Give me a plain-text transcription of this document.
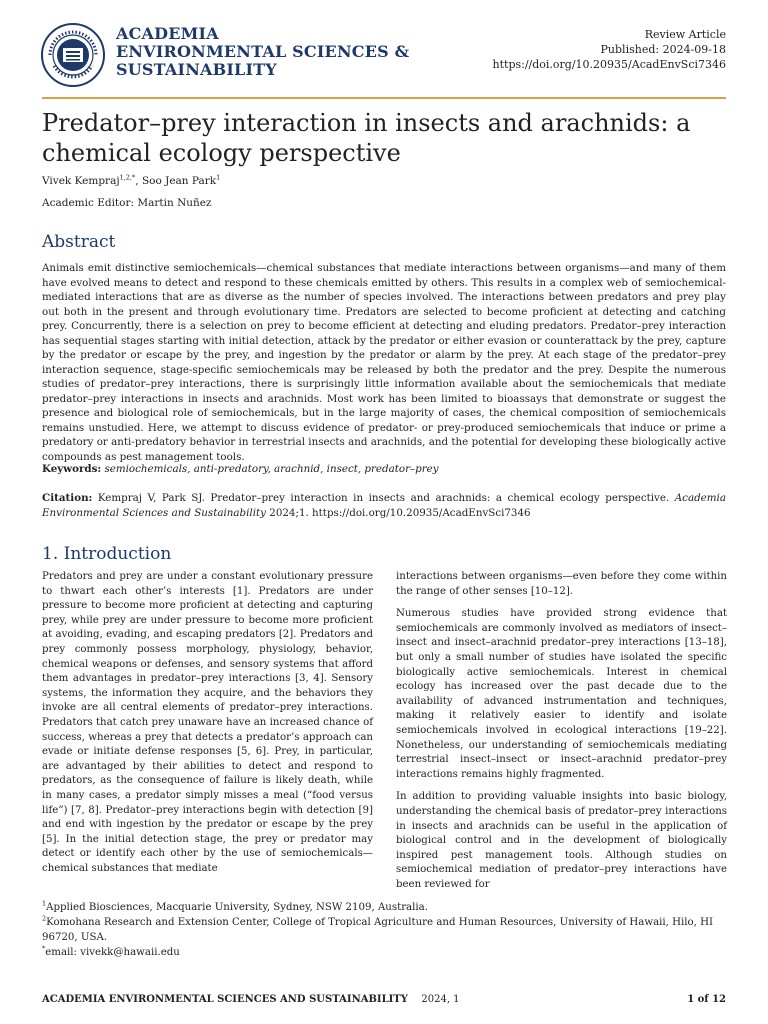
ACADEMIA
ENVIRONMENTAL SCIENCES &
SUSTAINABILITY
Review Article
Published: 2024-09-18
https://doi.org/10.20935/AcadEnvSci7346
Predator–prey interaction in insects and arachnids: a chemical ecology perspective
Vivek Kempraj$^{1,2,*}$, Soo Jean Park$^1$
Academic Editor: Martin Nuñez
Abstract
Animals emit distinctive semiochemicals—chemical substances that mediate interactions between organisms—and many of them have evolved means to detect and respond to these chemicals emitted by others. This results in a complex web of semiochemical-mediated interactions that are as diverse as the number of species involved. The interactions between predators and prey play out both in the present and through evolutionary time. Predators are selected to become proficient at detecting and catching prey. Concurrently, there is a selection on prey to become efficient at detecting and eluding predators. Predator–prey interaction has sequential stages starting with initial detection, attack by the predator or either evasion or counterattack by the prey, capture by the predator or escape by the prey, and ingestion by the predator or alarm by the prey. At each stage of the predator–prey interaction sequence, stage-specific semiochemicals may be released by both the predator and the prey. Despite the numerous studies of predator–prey interactions, there is surprisingly little information available about the semiochemicals that mediate predator–prey interactions in insects and arachnids. Most work has been limited to bioassays that demonstrate or suggest the presence and biological role of semiochemicals, but in the large majority of cases, the chemical composition of semiochemicals remains unstudied. Here, we attempt to discuss evidence of predator- or prey-produced semiochemicals that induce or prime a predatory or anti-predatory behavior in terrestrial insects and arachnids, and the potential for developing these biologically active compounds as pest management tools.
Keywords: semiochemicals, anti-predatory, arachnid, insect, predator–prey
Citation: Kempraj V, Park SJ. Predator–prey interaction in insects and arachnids: a chemical ecology perspective. Academia Environmental Sciences and Sustainability 2024;1. https://doi.org/10.20935/AcadEnvSci7346
1. Introduction

Predators and prey are under a constant evolutionary pressure to thwart each other’s interests [1]. Predators are under pressure to become more proficient at detecting and capturing prey, while prey are under pressure to become more proficient at avoiding, evading, and escaping predators [2]. Predators and prey commonly possess morphology, physiology, behavior, chemical weapons or defenses, and sensory systems that afford them advantages in predator–prey interactions [3, 4]. Sensory systems, the information they acquire, and the behaviors they invoke are all central elements of predator–prey interactions. Predators that catch prey unaware have an increased chance of success, whereas a prey that detects a predator’s approach can evade or initiate defense responses [5, 6]. Prey, in particular, are advantaged by their abilities to detect and respond to predators, as the consequence of failure is likely death, while in many cases, a predator simply misses a meal (“food versus life”) [7, 8]. Predator–prey interactions begin with detection [9] and end with ingestion by the predator or escape by the prey [5]. In the initial detection stage, the prey or predator may detect or identify each other by the use of semiochemicals—chemical substances that mediate

interactions between organisms—even before they come within the range of other senses [10–12].

Numerous studies have provided strong evidence that semiochemicals are commonly involved as mediators of insect–insect and insect–arachnid predator–prey interactions [13–18], but only a small number of studies have isolated the specific biologically active semiochemicals. Interest in chemical ecology has increased over the past decade due to the availability of advanced instrumentation and techniques, making it relatively easier to identify and isolate semiochemicals involved in ecological interactions [19–22]. Nonetheless, our understanding of semiochemicals mediating terrestrial insect–insect or insect–arachnid predator–prey interactions remains highly fragmented.

In addition to providing valuable insights into basic biology, understanding the chemical basis of predator–prey interactions in insects and arachnids can be useful in the application of biological control and in the development of biologically inspired pest management tools. Although studies on semiochemical mediation of predator–prey interactions have been reviewed for

$^1$Applied Biosciences, Macquarie University, Sydney, NSW 2109, Australia.
$^2$Komohana Research and Extension Center, College of Tropical Agriculture and Human Resources, University of Hawaii, Hilo, HI 96720, USA.
*email: vivekk@hawaii.edu
ACADEMIA ENVIRONMENTAL SCIENCES AND SUSTAINABILITY 2024, 1	1 of 12
